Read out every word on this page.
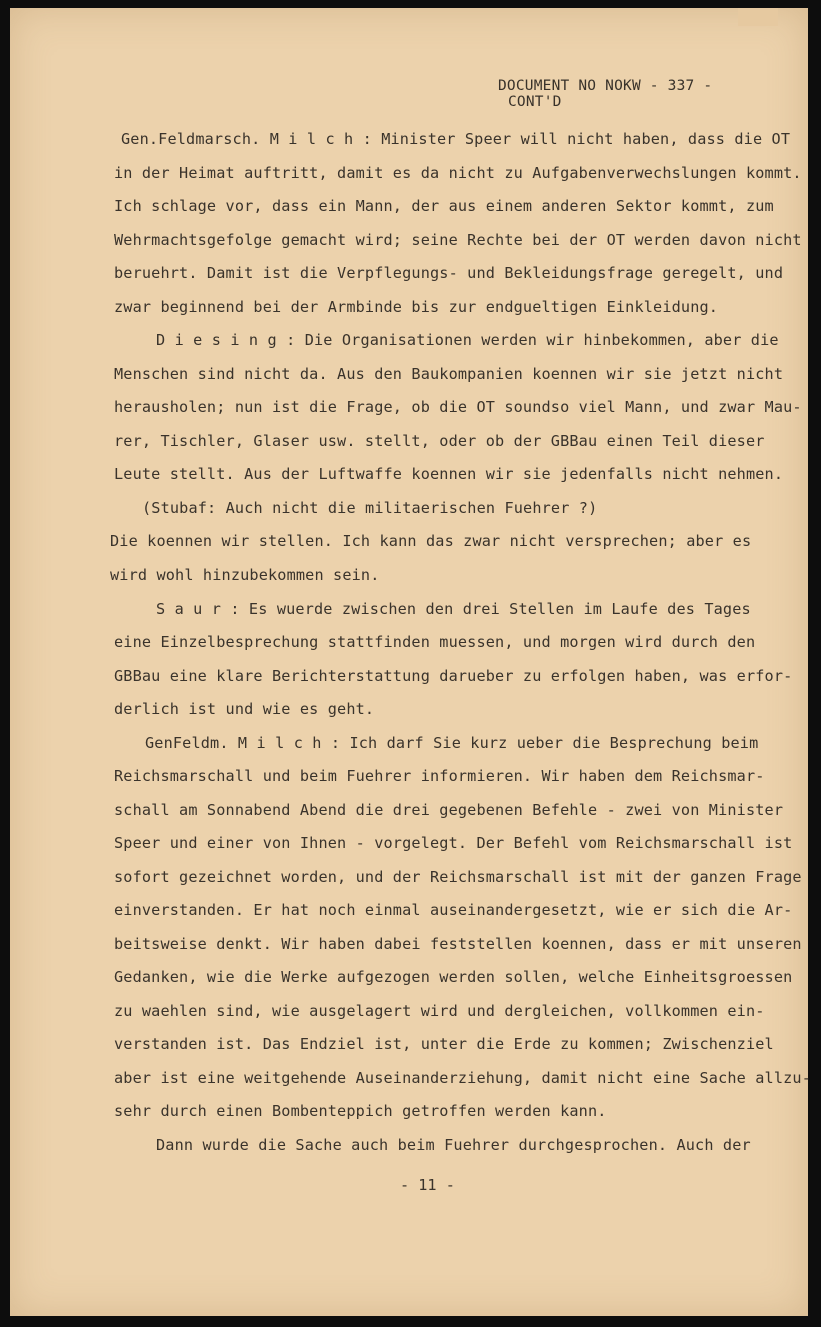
DOCUMENT NO NOKW - 337 -
CONT'D
Gen.Feldmarsch. M i l c h : Minister Speer will nicht haben, dass die OT
in der Heimat auftritt, damit es da nicht zu Aufgabenverwechslungen kommt.
Ich schlage vor, dass ein Mann, der aus einem anderen Sektor kommt, zum
Wehrmachtsgefolge gemacht wird; seine Rechte bei der OT werden davon nicht
beruehrt. Damit ist die Verpflegungs- und Bekleidungsfrage geregelt, und
zwar beginnend bei der Armbinde bis zur endgueltigen Einkleidung.
D i e s i n g : Die Organisationen werden wir hinbekommen, aber die
Menschen sind nicht da. Aus den Baukompanien koennen wir sie jetzt nicht
herausholen; nun ist die Frage, ob die OT soundso viel Mann, und zwar Mau-
rer, Tischler, Glaser usw. stellt, oder ob der GBBau einen Teil dieser
Leute stellt. Aus der Luftwaffe koennen wir sie jedenfalls nicht nehmen.
(Stubaf: Auch nicht die militaerischen Fuehrer ?)
Die koennen wir stellen. Ich kann das zwar nicht versprechen; aber es
wird wohl hinzubekommen sein.
S a u r : Es wuerde zwischen den drei Stellen im Laufe des Tages
eine Einzelbesprechung stattfinden muessen, und morgen wird durch den
GBBau eine klare Berichterstattung darueber zu erfolgen haben, was erfor-
derlich ist und wie es geht.
GenFeldm. M i l c h : Ich darf Sie kurz ueber die Besprechung beim
Reichsmarschall und beim Fuehrer informieren. Wir haben dem Reichsmar-
schall am Sonnabend Abend die drei gegebenen Befehle - zwei von Minister
Speer und einer von Ihnen - vorgelegt. Der Befehl vom Reichsmarschall ist
sofort gezeichnet worden, und der Reichsmarschall ist mit der ganzen Frage
einverstanden. Er hat noch einmal auseinandergesetzt, wie er sich die Ar-
beitsweise denkt. Wir haben dabei feststellen koennen, dass er mit unseren
Gedanken, wie die Werke aufgezogen werden sollen, welche Einheitsgroessen
zu waehlen sind, wie ausgelagert wird und dergleichen, vollkommen ein-
verstanden ist. Das Endziel ist, unter die Erde zu kommen; Zwischenziel
aber ist eine weitgehende Auseinanderziehung, damit nicht eine Sache allzu-
sehr durch einen Bombenteppich getroffen werden kann.
Dann wurde die Sache auch beim Fuehrer durchgesprochen. Auch der
- 11 -
